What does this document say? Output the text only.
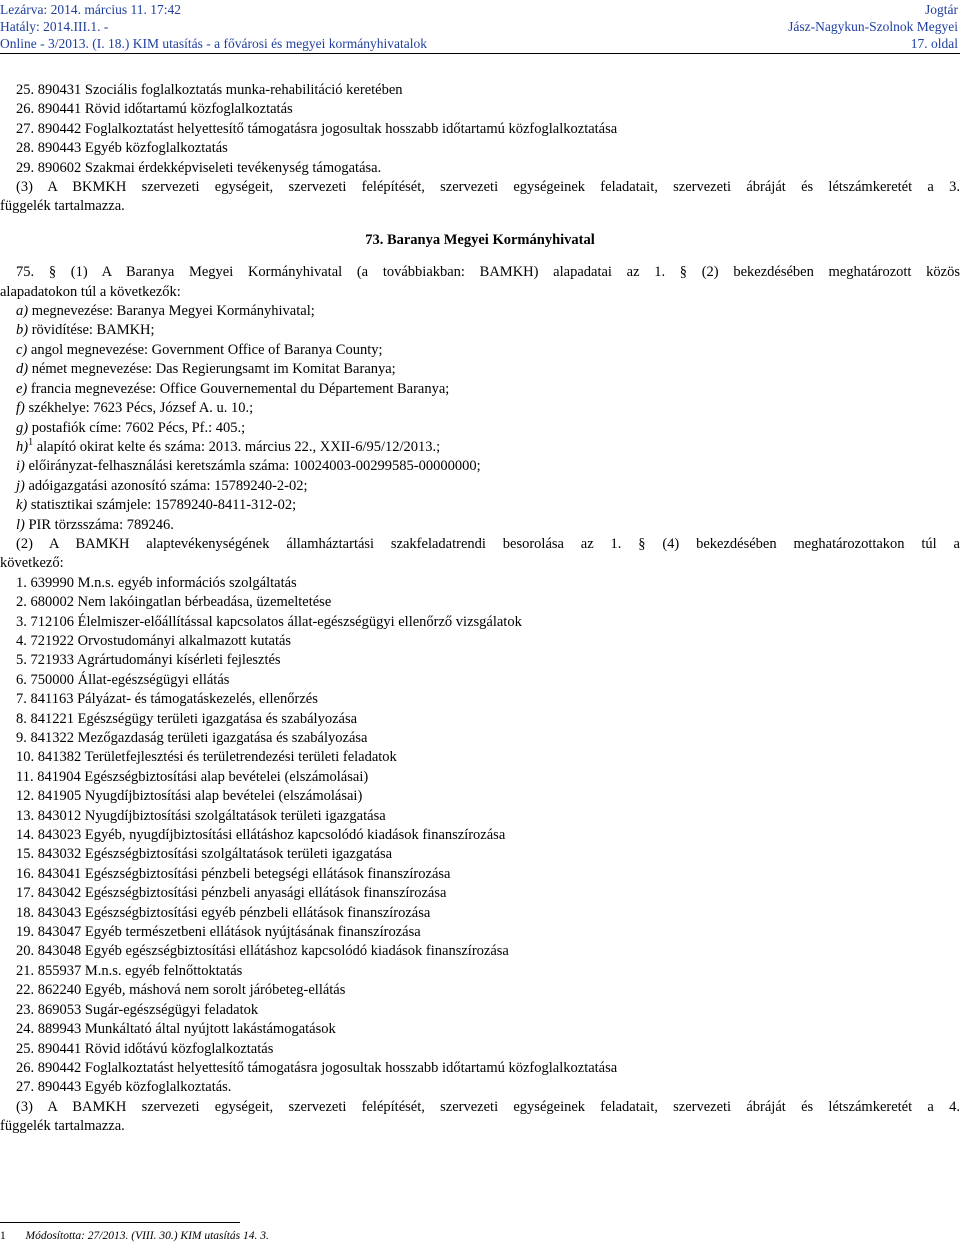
Lezárva: 2014. március 11. 17:42
Hatály: 2014.III.1. -
Online - 3/2013. (I. 18.) KIM utasítás - a fővárosi és megyei kormányhivatalok
Jogtár
Jász-Nagykun-Szolnok Megyei
17. oldal

25. 890431 Szociális foglalkoztatás munka-rehabilitáció keretében

26. 890441 Rövid időtartamú közfoglalkoztatás

27. 890442 Foglalkoztatást helyettesítő támogatásra jogosultak hosszabb időtartamú közfoglalkoztatása

28. 890443 Egyéb közfoglalkoztatás

29. 890602 Szakmai érdekképviseleti tevékenység támogatása.

(3) A BKMKH szervezeti egységeit, szervezeti felépítését, szervezeti egységeinek feladatait, szervezeti ábráját és létszámkeretét a 3.

függelék tartalmazza.

73. Baranya Megyei Kormányhivatal

75. § (1) A Baranya Megyei Kormányhivatal (a továbbiakban: BAMKH) alapadatai az 1. § (2) bekezdésében meghatározott közös

alapadatokon túl a következők:

a) megnevezése: Baranya Megyei Kormányhivatal;

b) rövidítése: BAMKH;

c) angol megnevezése: Government Office of Baranya County;

d) német megnevezése: Das Regierungsamt im Komitat Baranya;

e) francia megnevezése: Office Gouvernemental du Département Baranya;

f) székhelye: 7623 Pécs, József A. u. 10.;

g) postafiók címe: 7602 Pécs, Pf.: 405.;

h)$^1$ alapító okirat kelte és száma: 2013. március 22., XXII-6/95/12/2013.;

i) előirányzat-felhasználási keretszámla száma: 10024003-00299585-00000000;

j) adóigazgatási azonosító száma: 15789240-2-02;

k) statisztikai számjele: 15789240-8411-312-02;

l) PIR törzsszáma: 789246.

(2) A BAMKH alaptevékenységének államháztartási szakfeladatrendi besorolása az 1. § (4) bekezdésében meghatározottakon túl a

következő:

1. 639990 M.n.s. egyéb információs szolgáltatás

2. 680002 Nem lakóingatlan bérbeadása, üzemeltetése

3. 712106 Élelmiszer-előállítással kapcsolatos állat-egészségügyi ellenőrző vizsgálatok

4. 721922 Orvostudományi alkalmazott kutatás

5. 721933 Agrártudományi kísérleti fejlesztés

6. 750000 Állat-egészségügyi ellátás

7. 841163 Pályázat- és támogatáskezelés, ellenőrzés

8. 841221 Egészségügy területi igazgatása és szabályozása

9. 841322 Mezőgazdaság területi igazgatása és szabályozása

10. 841382 Területfejlesztési és területrendezési területi feladatok

11. 841904 Egészségbiztosítási alap bevételei (elszámolásai)

12. 841905 Nyugdíjbiztosítási alap bevételei (elszámolásai)

13. 843012 Nyugdíjbiztosítási szolgáltatások területi igazgatása

14. 843023 Egyéb, nyugdíjbiztosítási ellátáshoz kapcsolódó kiadások finanszírozása

15. 843032 Egészségbiztosítási szolgáltatások területi igazgatása

16. 843041 Egészségbiztosítási pénzbeli betegségi ellátások finanszírozása

17. 843042 Egészségbiztosítási pénzbeli anyasági ellátások finanszírozása

18. 843043 Egészségbiztosítási egyéb pénzbeli ellátások finanszírozása

19. 843047 Egyéb természetbeni ellátások nyújtásának finanszírozása

20. 843048 Egyéb egészségbiztosítási ellátáshoz kapcsolódó kiadások finanszírozása

21. 855937 M.n.s. egyéb felnőttoktatás

22. 862240 Egyéb, máshová nem sorolt járóbeteg-ellátás

23. 869053 Sugár-egészségügyi feladatok

24. 889943 Munkáltató által nyújtott lakástámogatások

25. 890441 Rövid időtávú közfoglalkoztatás

26. 890442 Foglalkoztatást helyettesítő támogatásra jogosultak hosszabb időtartamú közfoglalkoztatása

27. 890443 Egyéb közfoglalkoztatás.

(3) A BAMKH szervezeti egységeit, szervezeti felépítését, szervezeti egységeinek feladatait, szervezeti ábráját és létszámkeretét a 4.

függelék tartalmazza.

1 Módosította: 27/2013. (VIII. 30.) KIM utasítás 14. 3.
